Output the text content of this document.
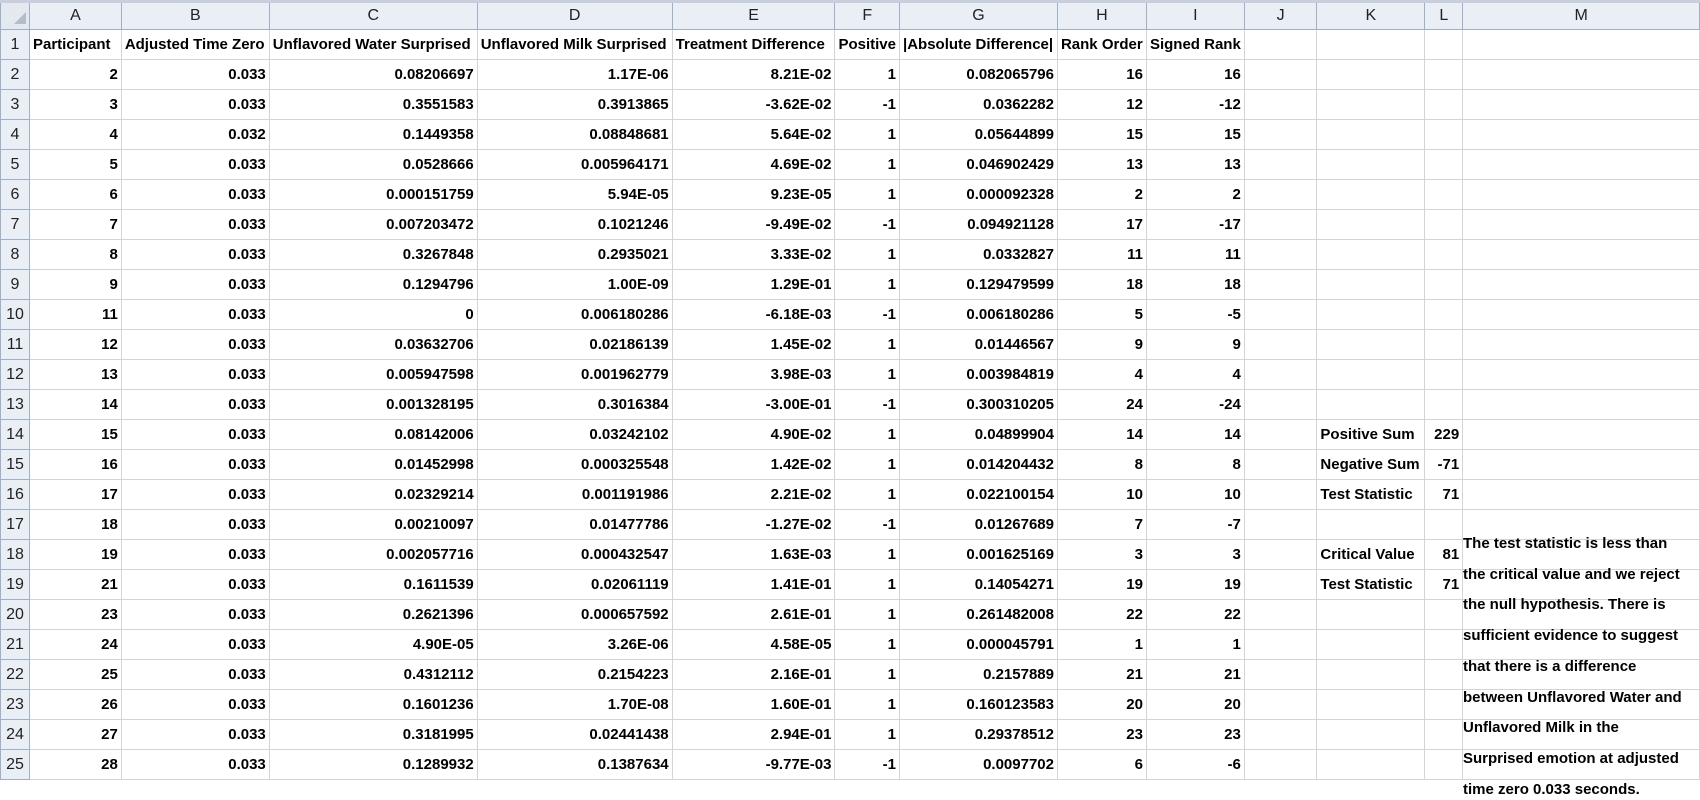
	A	B	C	D	E	F	G	H	I	J	K	L	M
1	Participant	Adjusted Time Zero	Unflavored Water Surprised	Unflavored Milk Surprised	Treatment Difference	Positive	|Absolute Difference|	Rank Order	Signed Rank				
2	2	0.033	0.08206697	1.17E-06	8.21E-02	1	0.082065796	16	16				
3	3	0.033	0.3551583	0.3913865	-3.62E-02	-1	0.0362282	12	-12				
4	4	0.032	0.1449358	0.08848681	5.64E-02	1	0.05644899	15	15				
5	5	0.033	0.0528666	0.005964171	4.69E-02	1	0.046902429	13	13				
6	6	0.033	0.000151759	5.94E-05	9.23E-05	1	0.000092328	2	2				
7	7	0.033	0.007203472	0.1021246	-9.49E-02	-1	0.094921128	17	-17				
8	8	0.033	0.3267848	0.2935021	3.33E-02	1	0.0332827	11	11				
9	9	0.033	0.1294796	1.00E-09	1.29E-01	1	0.129479599	18	18				
10	11	0.033	0	0.006180286	-6.18E-03	-1	0.006180286	5	-5				
11	12	0.033	0.03632706	0.02186139	1.45E-02	1	0.01446567	9	9				
12	13	0.033	0.005947598	0.001962779	3.98E-03	1	0.003984819	4	4				
13	14	0.033	0.001328195	0.3016384	-3.00E-01	-1	0.300310205	24	-24				
14	15	0.033	0.08142006	0.03242102	4.90E-02	1	0.04899904	14	14		Positive Sum	229	
15	16	0.033	0.01452998	0.000325548	1.42E-02	1	0.014204432	8	8		Negative Sum	-71	
16	17	0.033	0.02329214	0.001191986	2.21E-02	1	0.022100154	10	10		Test Statistic	71	
17	18	0.033	0.00210097	0.01477786	-1.27E-02	-1	0.01267689	7	-7				
18	19	0.033	0.002057716	0.000432547	1.63E-03	1	0.001625169	3	3		Critical Value	81	
19	21	0.033	0.1611539	0.02061119	1.41E-01	1	0.14054271	19	19		Test Statistic	71	
20	23	0.033	0.2621396	0.000657592	2.61E-01	1	0.261482008	22	22				
21	24	0.033	4.90E-05	3.26E-06	4.58E-05	1	0.000045791	1	1				
22	25	0.033	0.4312112	0.2154223	2.16E-01	1	0.2157889	21	21				
23	26	0.033	0.1601236	1.70E-08	1.60E-01	1	0.160123583	20	20				
24	27	0.033	0.3181995	0.02441438	2.94E-01	1	0.29378512	23	23				
25	28	0.033	0.1289932	0.1387634	-9.77E-03	-1	0.0097702	6	-6				
The test statistic is less than the critical value and we reject the null hypothesis. There is sufficient evidence to suggest that there is a difference between Unflavored Water and Unflavored Milk in the Surprised emotion at adjusted time zero 0.033 seconds.
